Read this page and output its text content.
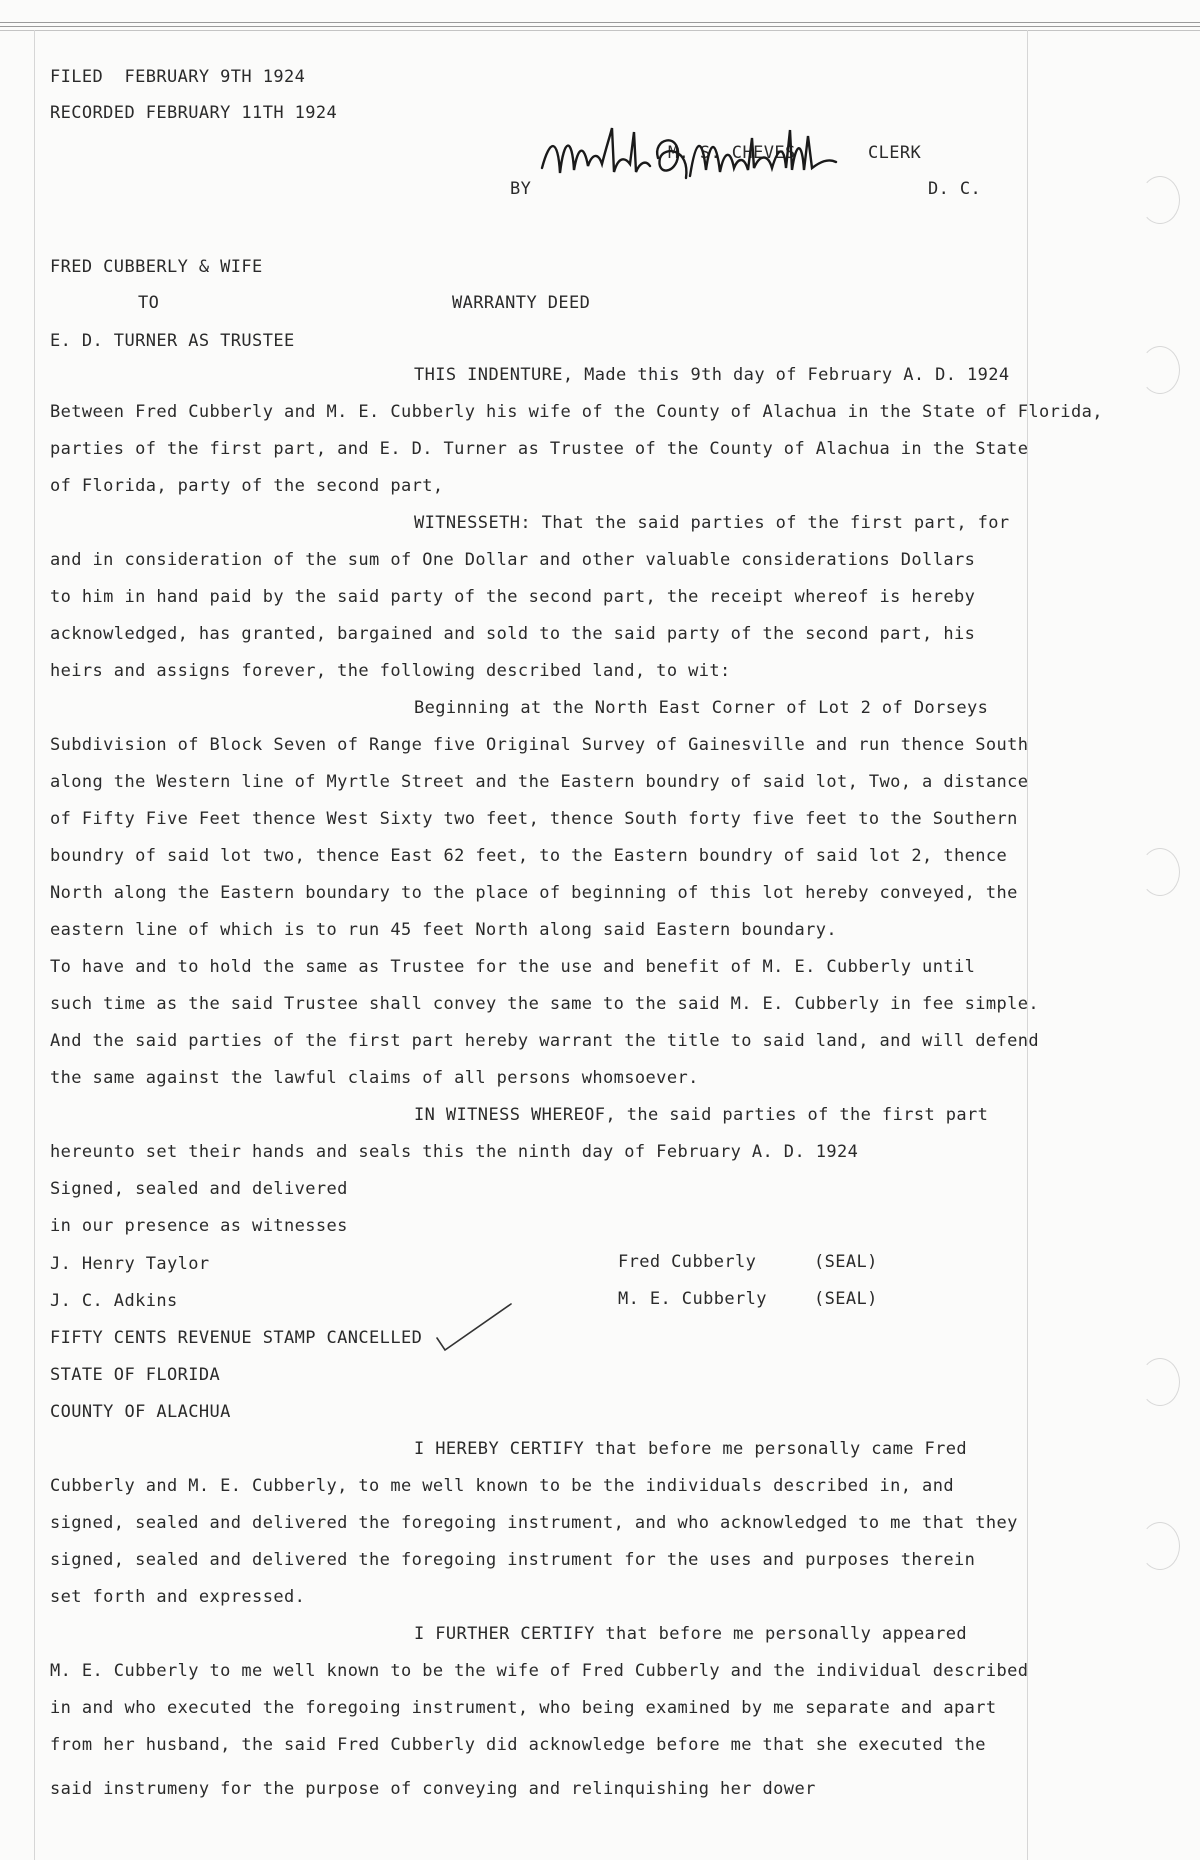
FILED  FEBRUARY 9TH 1924
RECORDED FEBRUARY 11TH 1924
M. S. CHEVES	CLERK
BY	D. C.
FRED CUBBERLY & WIFE
TO	WARRANTY DEED
E. D. TURNER AS TRUSTEE
THIS INDENTURE, Made this 9th day of February A. D. 1924
Between Fred Cubberly and M. E. Cubberly his wife of the County of Alachua in the State of Florida,
parties of the first part, and E. D. Turner as Trustee of the County of Alachua in the State
of Florida, party of the second part,
WITNESSETH: That the said parties of the first part, for
and in consideration of the sum of One Dollar and other valuable considerations Dollars
to him in hand paid by the said party of the second part, the receipt whereof is hereby
acknowledged, has granted, bargained and sold to the said party of the second part, his
heirs and assigns forever, the following described land, to wit:
Beginning at the North East Corner of Lot 2 of Dorseys
Subdivision of Block Seven of Range five Original Survey of Gainesville and run thence South
along the Western line of Myrtle Street and the Eastern boundry of said lot, Two, a distance
of Fifty Five Feet thence West Sixty two feet, thence South forty five feet to the Southern
boundry of said lot two, thence East 62 feet, to the Eastern boundry of said lot 2, thence
North along the Eastern boundary to the place of beginning of this lot hereby conveyed, the
eastern line of which is to run 45 feet North along said Eastern boundary.
To have and to hold the same as Trustee for the use and benefit of M. E. Cubberly until
such time as the said Trustee shall convey the same to the said M. E. Cubberly in fee simple.
And the said parties of the first part hereby warrant the title to said land, and will defend
the same against the lawful claims of all persons whomsoever.
IN WITNESS WHEREOF, the said parties of the first part
hereunto set their hands and seals this the ninth day of February A. D. 1924
Signed, sealed and delivered
in our presence as witnesses
J. Henry Taylor
J. C. Adkins
Fred Cubberly	(SEAL)
M. E. Cubberly	(SEAL)
FIFTY CENTS REVENUE STAMP CANCELLED
STATE OF FLORIDA
COUNTY OF ALACHUA
I HEREBY CERTIFY that before me personally came Fred
Cubberly and M. E. Cubberly, to me well known to be the individuals described in, and
signed, sealed and delivered the foregoing instrument, and who acknowledged to me that they
signed, sealed and delivered the foregoing instrument for the uses and purposes therein
set forth and expressed.
I FURTHER CERTIFY that before me personally appeared
M. E. Cubberly to me well known to be the wife of Fred Cubberly and the individual described
in and who executed the foregoing instrument, who being examined by me separate and apart
from her husband, the said Fred Cubberly did acknowledge before me that she executed the
said instrumeny for the purpose of conveying and relinquishing her dower
